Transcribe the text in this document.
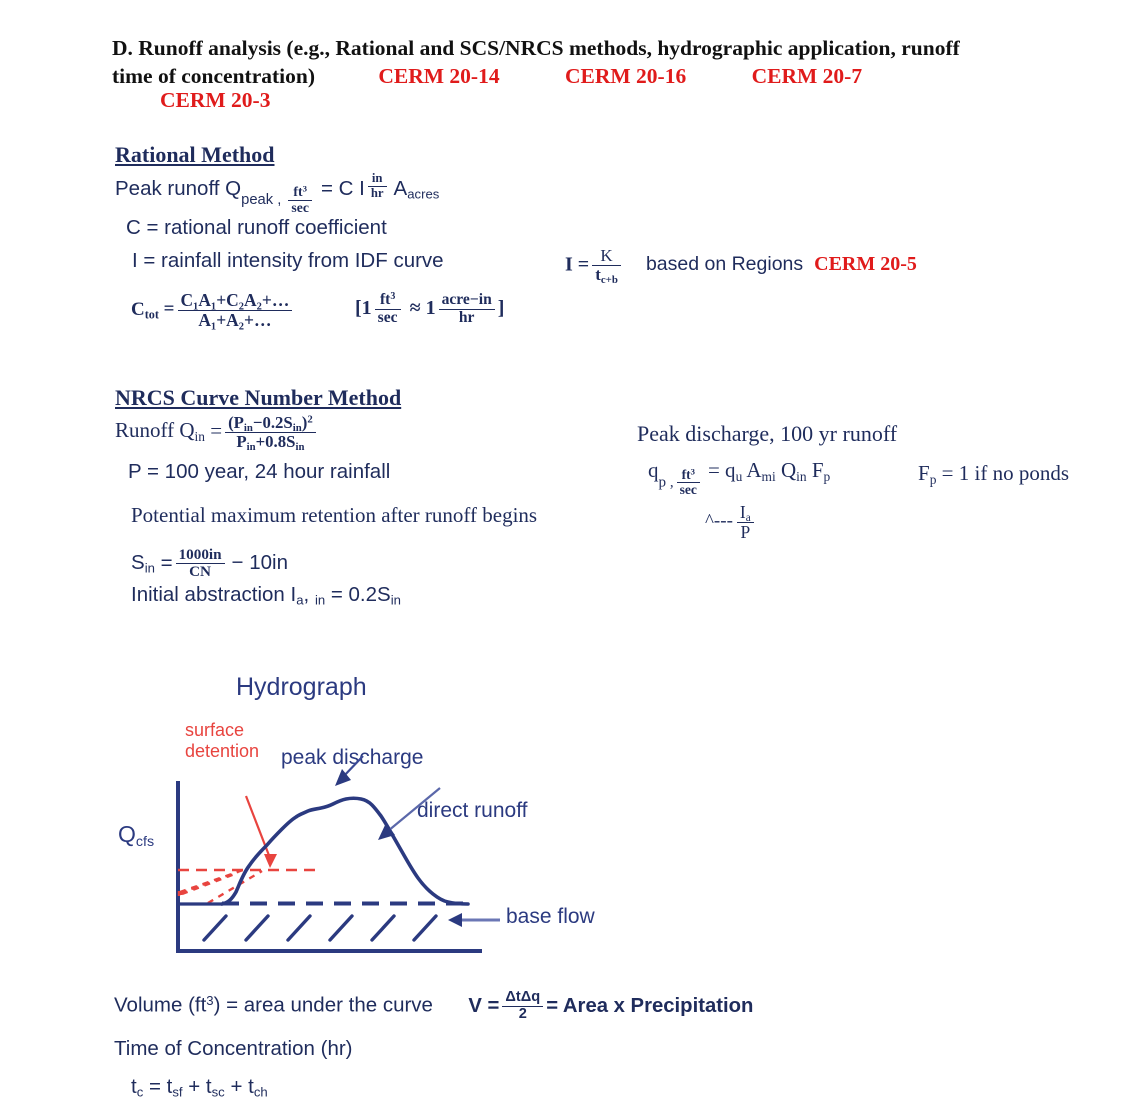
D. Runoff analysis (e.g., Rational and SCS/NRCS methods, hydrographic application, runoff
time of concentration)	CERM 20-14	CERM 20-16	CERM 20-7
CERM 20-3
Rational Method
Peak runoff Qpeak , $\frac{ft^3}{\sec} = C$ I $\frac{in}{hr} A_{acres}$
C = rational runoff coefficient
I = rainfall intensity from IDF curve	$I = \frac{K}{t_{c+b}}$ based on Regions CERM 20-5
$C_{tot} = \frac{\text{C₁A₁+C₂A₂+…}}{\text{A₁+A₂+…}}$	[$1 \frac{ft^3}{\sec} \approx 1 \frac{\text{acre−in}}{hr}$ ]
NRCS Curve Number Method
Runoff $Q_{in} = \frac{(P_{in}-0.2S_{in})^2}{P_{in}+0.8S_{in}}$
P = 100 year, 24 hour rainfall
Potential maximum retention after runoff begins
$S_{in} = \frac{1000in}{CN} - 10in$
Initial abstraction $I_a$, $_{in} = 0.2S_{in}$
Peak discharge, 100 yr runoff
qp , $\frac{ft^3}{\sec} = q_u$ $A_{mi}$ $Q_{in}$ $F_p$
^--- $\frac{I_a}{P}$
$F_p = 1$ if no ponds
Hydrograph
surface
detention peak discharge
direct runoff
base flow
$Q_{cfs}$
Volume $(ft^3)$ = area under the curve $V = \frac{\text{ΔtΔq}}{2}$ = Area x Precipitation
Time of Concentration (hr)
$t_c = t_{sf} + t_{sc} + t_{ch}$
